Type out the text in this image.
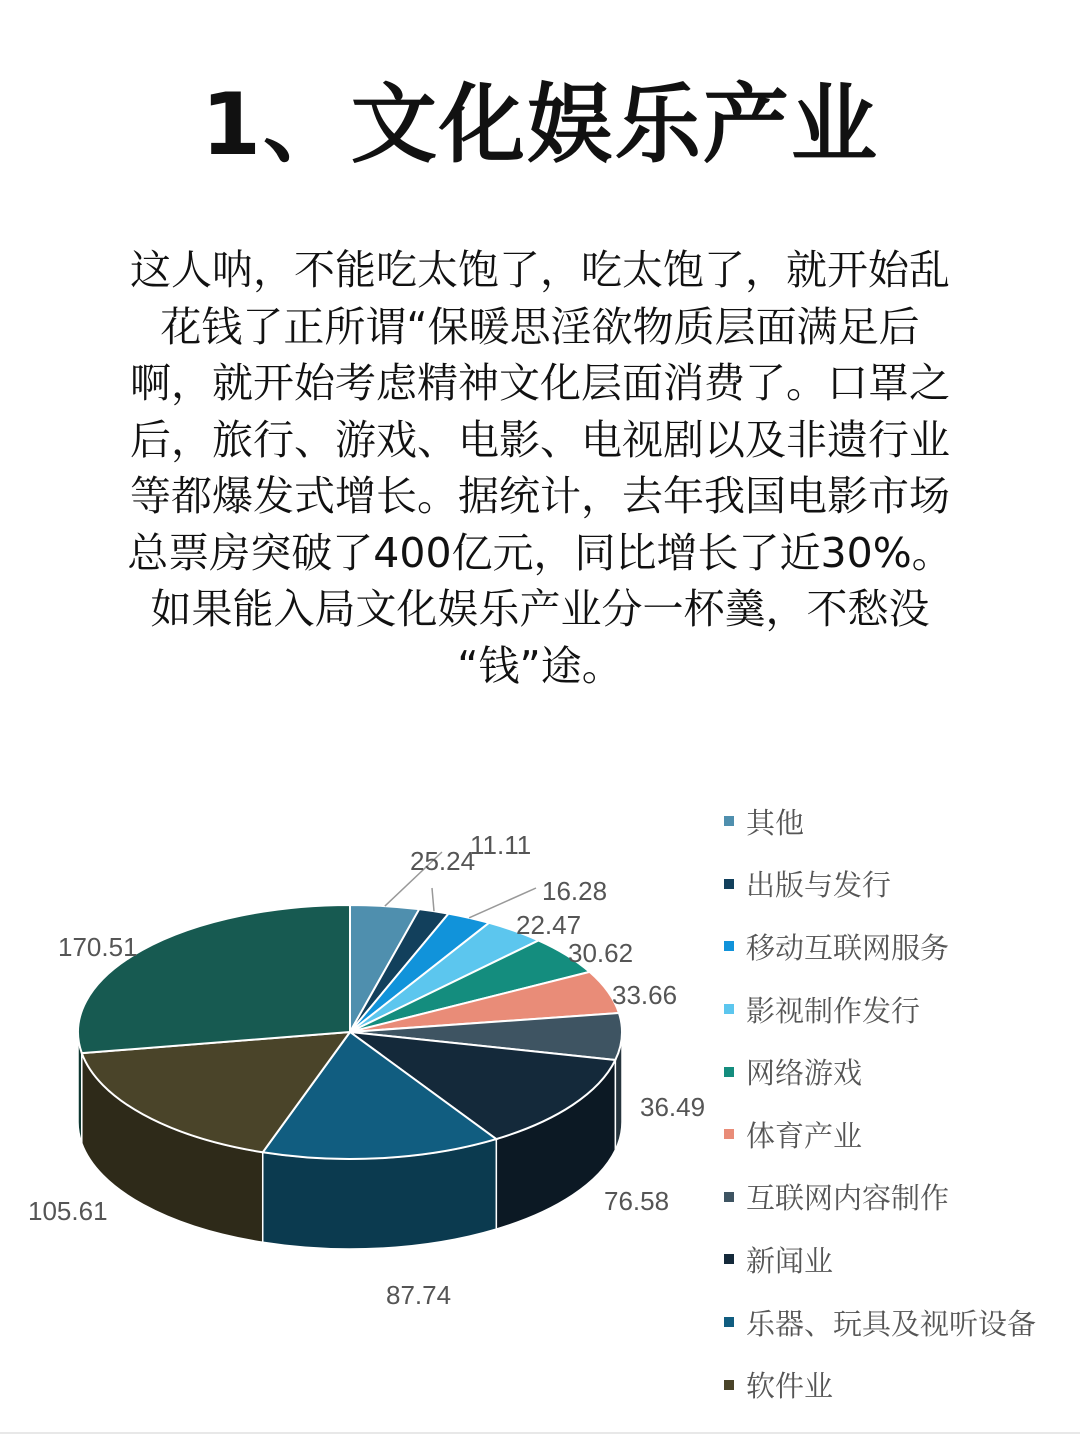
1、文化娱乐产业
这人呐，不能吃太饱了，吃太饱了，就开始乱
花钱了正所谓“保暖思淫欲物质层面满足后
啊，就开始考虑精神文化层面消费了。口罩之
后，旅行、游戏、电影、电视剧以及非遗行业
等都爆发式增长。据统计，去年我国电影市场
总票房突破了400亿元，同比增长了近30%。
如果能入局文化娱乐产业分一杯羹，不愁没
“钱”途。
25.24
11.11
16.28
22.47
30.62
33.66
36.49
76.58
87.74
105.61
170.51
其他
出版与发行
移动互联网服务
影视制作发行
网络游戏
体育产业
互联网内容制作
新闻业
乐器、玩具及视听设备
软件业
